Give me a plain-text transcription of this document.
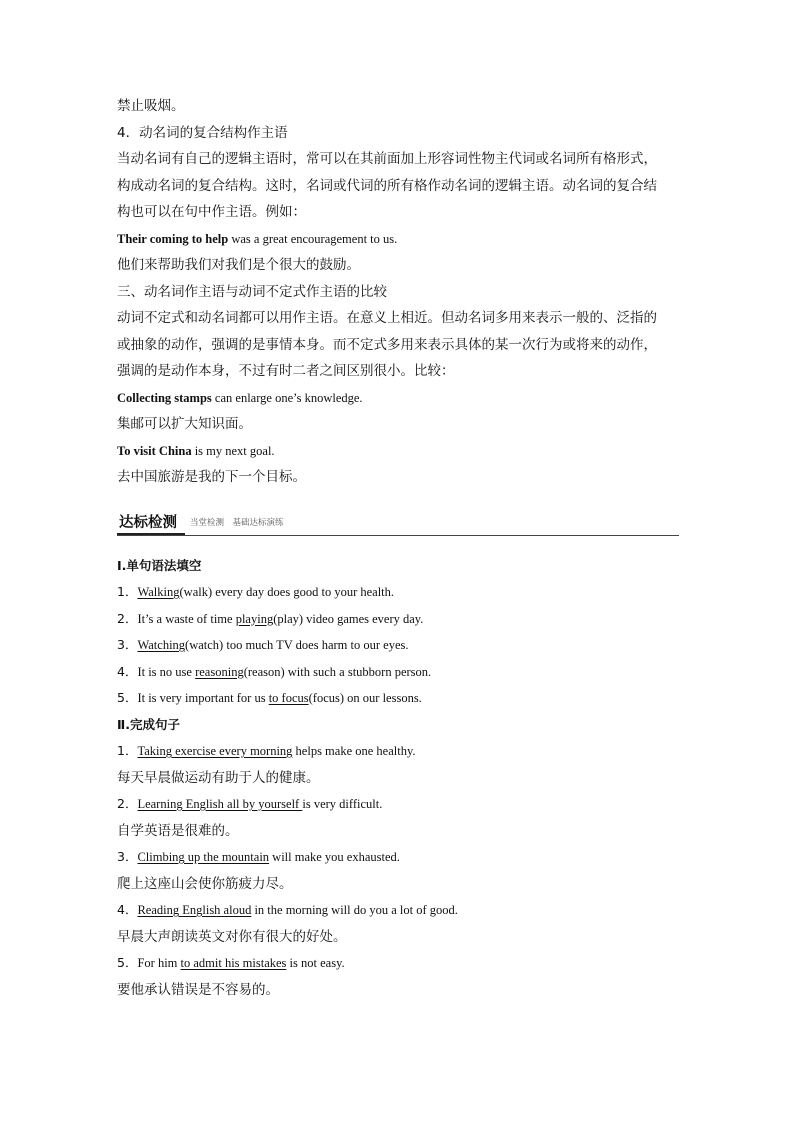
禁止吸烟。
4．动名词的复合结构作主语
当动名词有自己的逻辑主语时，常可以在其前面加上形容词性物主代词或名词所有格形式，
构成动名词的复合结构。这时，名词或代词的所有格作动名词的逻辑主语。动名词的复合结
构也可以在句中作主语。例如：
Their coming to help was a great encouragement to us.
他们来帮助我们对我们是个很大的鼓励。
三、动名词作主语与动词不定式作主语的比较
动词不定式和动名词都可以用作主语。在意义上相近。但动名词多用来表示一般的、泛指的
或抽象的动作，强调的是事情本身。而不定式多用来表示具体的某一次行为或将来的动作，
强调的是动作本身，不过有时二者之间区别很小。比较：
Collecting stamps can enlarge one’s knowledge.
集邮可以扩大知识面。
To visit China is my next goal.
去中国旅游是我的下一个目标。
达标检测 当堂检测　基础达标演练
Ⅰ.单句语法填空
1．Walking(walk) every day does good to your health.
2．It’s a waste of time playing(play) video games every day.
3．Watching(watch) too much TV does harm to our eyes.
4．It is no use reasoning(reason) with such a stubborn person.
5．It is very important for us to focus(focus) on our lessons.
Ⅱ.完成句子
1．Taking exercise every morning helps make one healthy.
每天早晨做运动有助于人的健康。
2．Learning English all by yourself is very difficult.
自学英语是很难的。
3．Climbing up the mountain will make you exhausted.
爬上这座山会使你筋疲力尽。
4．Reading English aloud in the morning will do you a lot of good.
早晨大声朗读英文对你有很大的好处。
5．For him to admit his mistakes is not easy.
要他承认错误是不容易的。
